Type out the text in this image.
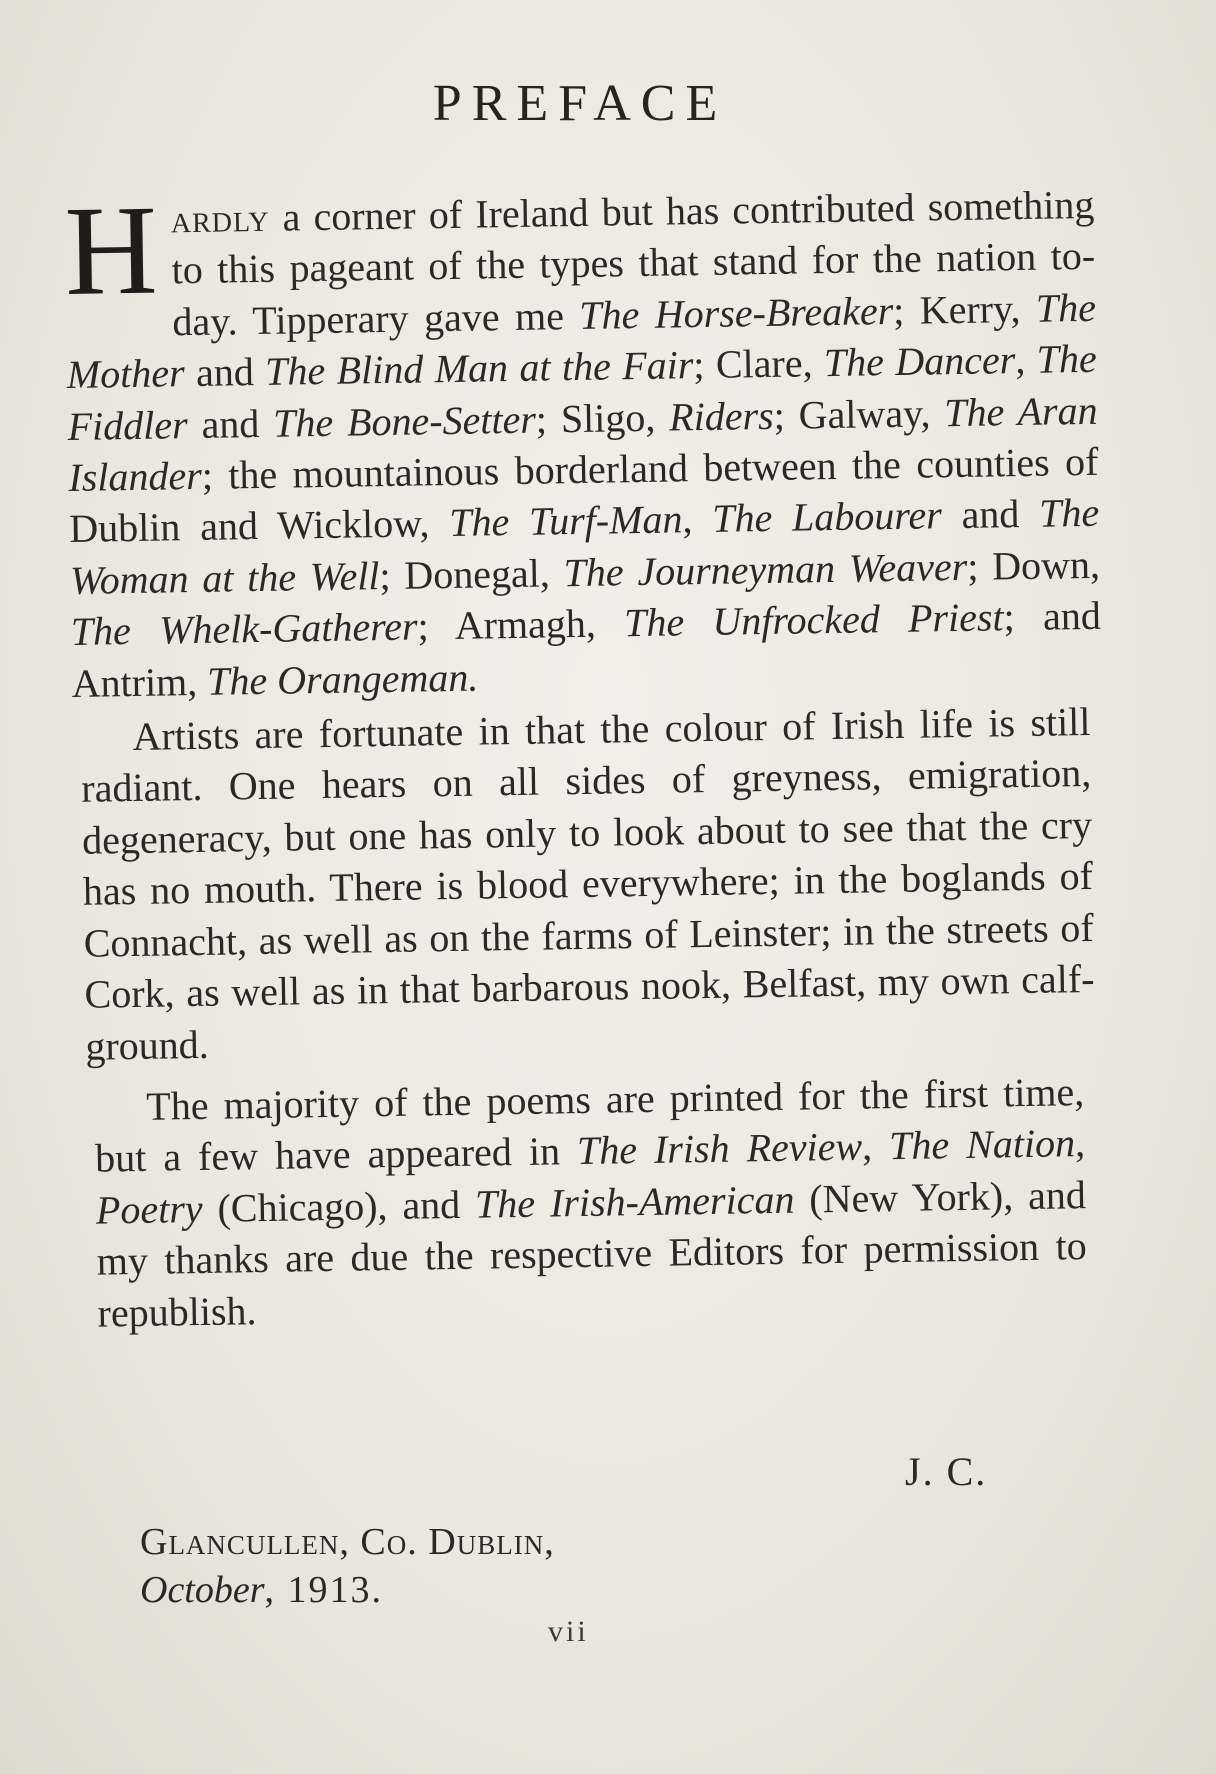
PREFACE

Hardly a corner of Ireland but has contributed something to this pageant of the types that stand for the nation to-day. Tipperary gave me The Horse-Breaker; Kerry, The Mother and The Blind Man at the Fair; Clare, The Dancer, The Fiddler and The Bone-Setter; Sligo, Riders; Galway, The Aran Islander; the mountainous borderland between the counties of Dublin and Wicklow, The Turf-Man, The Labourer and The Woman at the Well; Donegal, The Journeyman Weaver; Down, The Whelk-Gatherer; Armagh, The Unfrocked Priest; and Antrim, The Orangeman.

Artists are fortunate in that the colour of Irish life is still radiant. One hears on all sides of greyness, emigration, degeneracy, but one has only to look about to see that the cry has no mouth. There is blood everywhere; in the boglands of Connacht, as well as on the farms of Leinster; in the streets of Cork, as well as in that barbarous nook, Belfast, my own calf-ground.

The majority of the poems are printed for the first time, but a few have appeared in The Irish Review, The Nation, Poetry (Chicago), and The Irish-American (New York), and my thanks are due the respective Editors for permission to republish.

J. C.
Glancullen, Co. Dublin,
October, 1913.
vii
